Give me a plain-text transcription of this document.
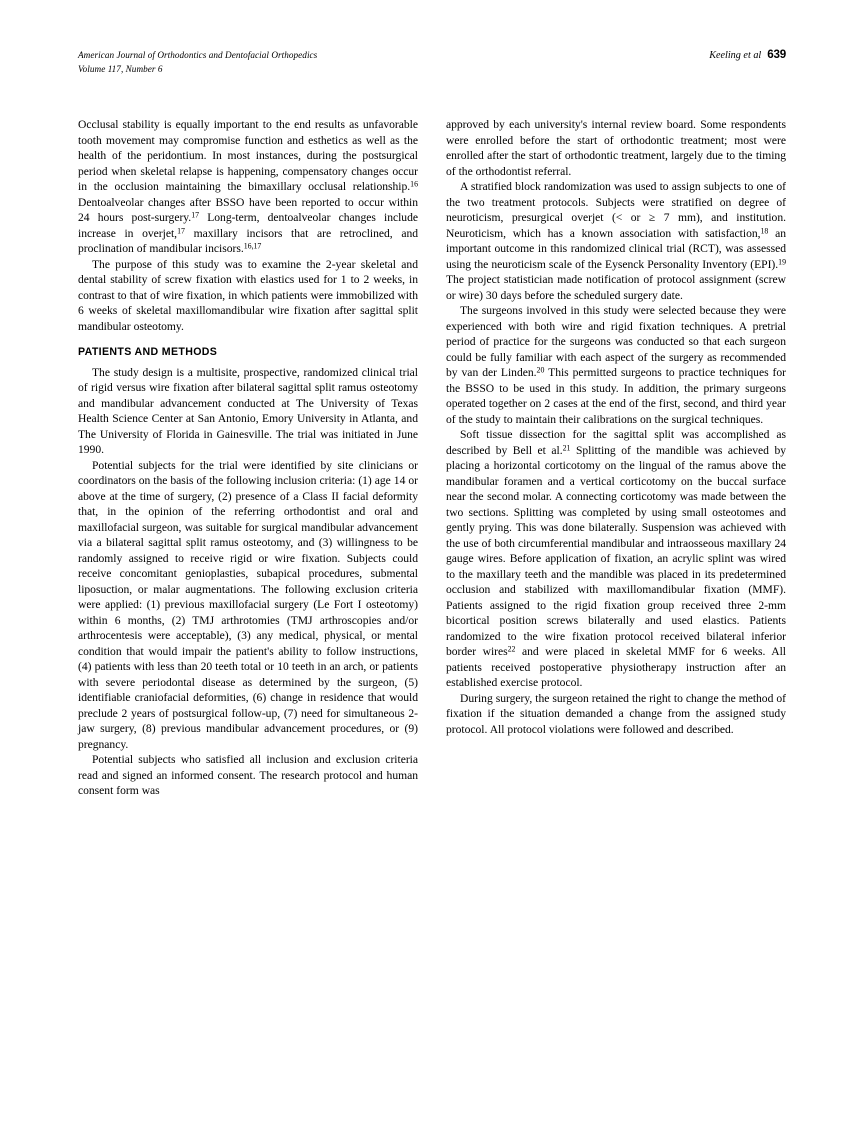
American Journal of Orthodontics and Dentofacial Orthopedics
Volume 117, Number 6
Keeling et al 639

Occlusal stability is equally important to the end results as unfavorable tooth movement may compromise function and esthetics as well as the health of the peridontium. In most instances, during the postsurgical period when skeletal relapse is happening, compensatory changes occur in the occlusion maintaining the bimaxillary occlusal relationship.$^{16}$ Dentoalveolar changes after BSSO have been reported to occur within 24 hours post-surgery.$^{17}$ Long-term, dentoalveolar changes include increase in overjet,$^{17}$ maxillary incisors that are retroclined, and proclination of mandibular incisors.$^{16,17}$

The purpose of this study was to examine the 2-year skeletal and dental stability of screw fixation with elastics used for 1 to 2 weeks, in contrast to that of wire fixation, in which patients were immobilized with 6 weeks of skeletal maxillomandibular wire fixation after sagittal split mandibular osteotomy.

PATIENTS AND METHODS

The study design is a multisite, prospective, randomized clinical trial of rigid versus wire fixation after bilateral sagittal split ramus osteotomy and mandibular advancement conducted at The University of Texas Health Science Center at San Antonio, Emory University in Atlanta, and The University of Florida in Gainesville. The trial was initiated in June 1990.

Potential subjects for the trial were identified by site clinicians or coordinators on the basis of the following inclusion criteria: (1) age 14 or above at the time of surgery, (2) presence of a Class II facial deformity that, in the opinion of the referring orthodontist and oral and maxillofacial surgeon, was suitable for surgical mandibular advancement via a bilateral sagittal split ramus osteotomy, and (3) willingness to be randomly assigned to receive rigid or wire fixation. Subjects could receive concomitant genioplasties, subapical procedures, submental liposuction, or malar augmentations. The following exclusion criteria were applied: (1) previous maxillofacial surgery (Le Fort I osteotomy) within 6 months, (2) TMJ arthrotomies (TMJ arthroscopies and/or arthrocentesis were acceptable), (3) any medical, physical, or mental condition that would impair the patient's ability to follow instructions, (4) patients with less than 20 teeth total or 10 teeth in an arch, or patients with severe periodontal disease as determined by the surgeon, (5) identifiable craniofacial deformities, (6) change in residence that would preclude 2 years of postsurgical follow-up, (7) need for simultaneous 2-jaw surgery, (8) previous mandibular advancement procedures, or (9) pregnancy.

Potential subjects who satisfied all inclusion and exclusion criteria read and signed an informed consent. The research protocol and human consent form was

approved by each university's internal review board. Some respondents were enrolled before the start of orthodontic treatment; most were enrolled after the start of orthodontic treatment, largely due to the timing of the orthodontist referral.

A stratified block randomization was used to assign subjects to one of the two treatment protocols. Subjects were stratified on degree of neuroticism, presurgical overjet (< or ≥ 7 mm), and institution. Neuroticism, which has a known association with satisfaction,$^{18}$ an important outcome in this randomized clinical trial (RCT), was assessed using the neuroticism scale of the Eysenck Personality Inventory (EPI).$^{19}$ The project statistician made notification of protocol assignment (screw or wire) 30 days before the scheduled surgery date.

The surgeons involved in this study were selected because they were experienced with both wire and rigid fixation techniques. A pretrial period of practice for the surgeons was conducted so that each surgeon could be fully familiar with each aspect of the surgery as recommended by van der Linden.$^{20}$ This permitted surgeons to practice techniques for the BSSO to be used in this study. In addition, the primary surgeons operated together on 2 cases at the end of the first, second, and third year of the study to maintain their calibrations on the surgical techniques.

Soft tissue dissection for the sagittal split was accomplished as described by Bell et al.$^{21}$ Splitting of the mandible was achieved by placing a horizontal corticotomy on the lingual of the ramus above the mandibular foramen and a vertical corticotomy on the buccal surface near the second molar. A connecting corticotomy was made between the two sections. Splitting was completed by using small osteotomes and gently prying. This was done bilaterally. Suspension was achieved with the use of both circumferential mandibular and intraosseous maxillary 24 gauge wires. Before application of fixation, an acrylic splint was wired to the maxillary teeth and the mandible was placed in its predetermined occlusion and stabilized with maxillomandibular fixation (MMF). Patients assigned to the rigid fixation group received three 2-mm bicortical position screws bilaterally and used elastics. Patients randomized to the wire fixation protocol received bilateral inferior border wires$^{22}$ and were placed in skeletal MMF for 6 weeks. All patients received postoperative physiotherapy instruction after an established exercise protocol.

During surgery, the surgeon retained the right to change the method of fixation if the situation demanded a change from the assigned study protocol. All protocol violations were followed and described.
